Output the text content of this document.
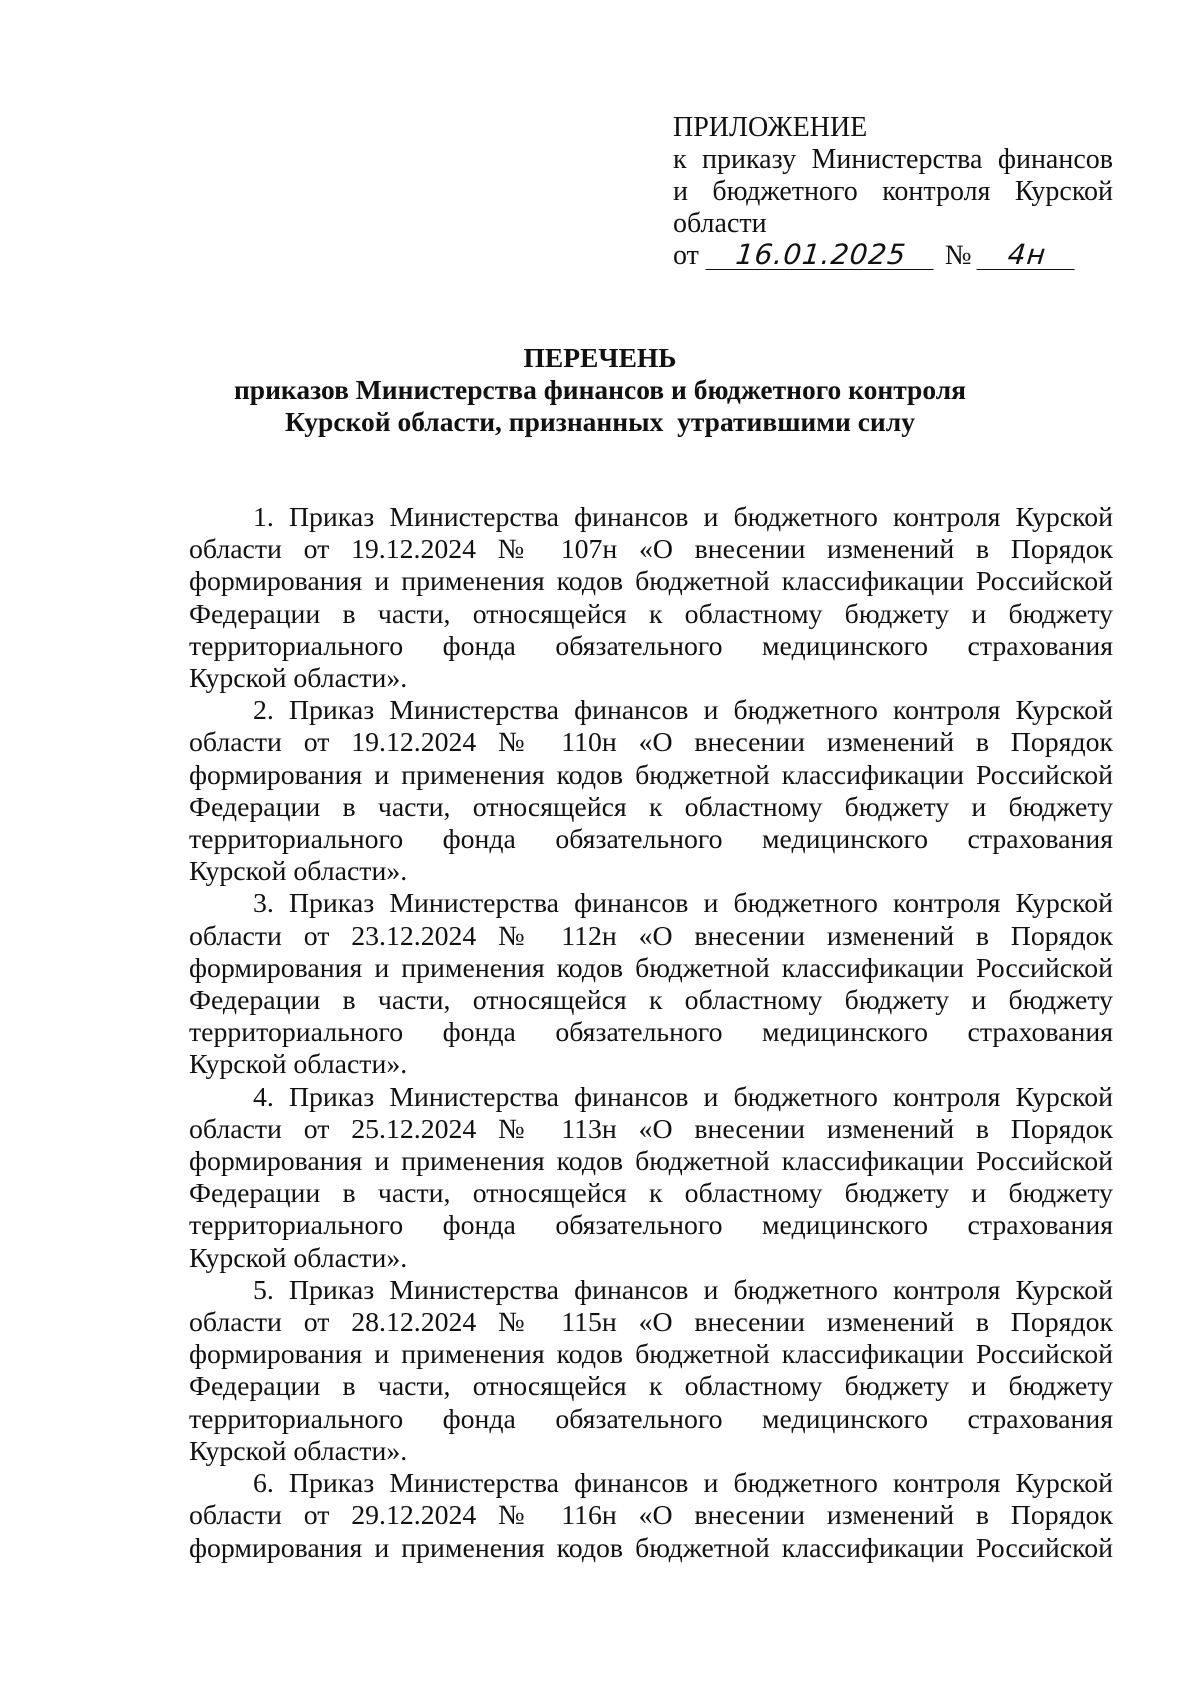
ПРИЛОЖЕНИЕ
к приказу Министерства финансов
и бюджетного контроля Курской
области
от	16.01.2025	№	4н
ПЕРЕЧЕНЬ
приказов Министерства финансов и бюджетного контроля
Курской области, признанных  утратившими силу
1. Приказ Министерства финансов и бюджетного контроля Курской
области от 19.12.2024 № 107н «О внесении изменений в Порядок
формирования и применения кодов бюджетной классификации Российской
Федерации в части, относящейся к областному бюджету и бюджету
территориального фонда обязательного медицинского страхования
Курской области».
2. Приказ Министерства финансов и бюджетного контроля Курской
области от 19.12.2024 № 110н «О внесении изменений в Порядок
формирования и применения кодов бюджетной классификации Российской
Федерации в части, относящейся к областному бюджету и бюджету
территориального фонда обязательного медицинского страхования
Курской области».
3. Приказ Министерства финансов и бюджетного контроля Курской
области от 23.12.2024 № 112н «О внесении изменений в Порядок
формирования и применения кодов бюджетной классификации Российской
Федерации в части, относящейся к областному бюджету и бюджету
территориального фонда обязательного медицинского страхования
Курской области».
4. Приказ Министерства финансов и бюджетного контроля Курской
области от 25.12.2024 № 113н «О внесении изменений в Порядок
формирования и применения кодов бюджетной классификации Российской
Федерации в части, относящейся к областному бюджету и бюджету
территориального фонда обязательного медицинского страхования
Курской области».
5. Приказ Министерства финансов и бюджетного контроля Курской
области от 28.12.2024 № 115н «О внесении изменений в Порядок
формирования и применения кодов бюджетной классификации Российской
Федерации в части, относящейся к областному бюджету и бюджету
территориального фонда обязательного медицинского страхования
Курской области».
6. Приказ Министерства финансов и бюджетного контроля Курской
области от 29.12.2024 № 116н «О внесении изменений в Порядок
формирования и применения кодов бюджетной классификации Российской
